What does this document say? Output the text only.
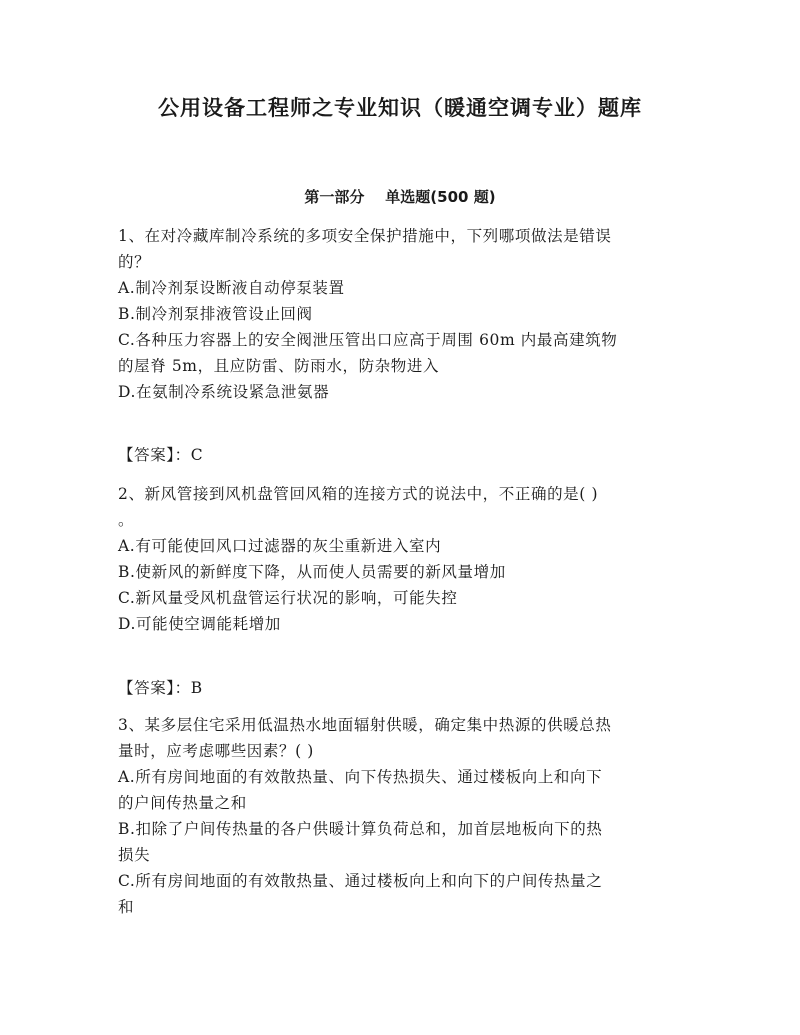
公用设备工程师之专业知识（暖通空调专业）题库
第一部分    单选题(500 题)
1、在对冷藏库制冷系统的多项安全保护措施中，下列哪项做法是错误
的？
A.制冷剂泵设断液自动停泵装置
B.制冷剂泵排液管设止回阀
C.各种压力容器上的安全阀泄压管出口应高于周围 60m 内最高建筑物
的屋脊 5m，且应防雷、防雨水，防杂物进入
D.在氨制冷系统设紧急泄氨器

【答案】：C

2、新风管接到风机盘管回风箱的连接方式的说法中，不正确的是( )
。
A.有可能使回风口过滤器的灰尘重新进入室内
B.使新风的新鲜度下降，从而使人员需要的新风量增加
C.新风量受风机盘管运行状况的影响，可能失控
D.可能使空调能耗增加

【答案】：B

3、某多层住宅采用低温热水地面辐射供暖，确定集中热源的供暖总热
量时，应考虑哪些因素？( )
A.所有房间地面的有效散热量、向下传热损失、通过楼板向上和向下
的户间传热量之和
B.扣除了户间传热量的各户供暖计算负荷总和，加首层地板向下的热
损失
C.所有房间地面的有效散热量、通过楼板向上和向下的户间传热量之
和
